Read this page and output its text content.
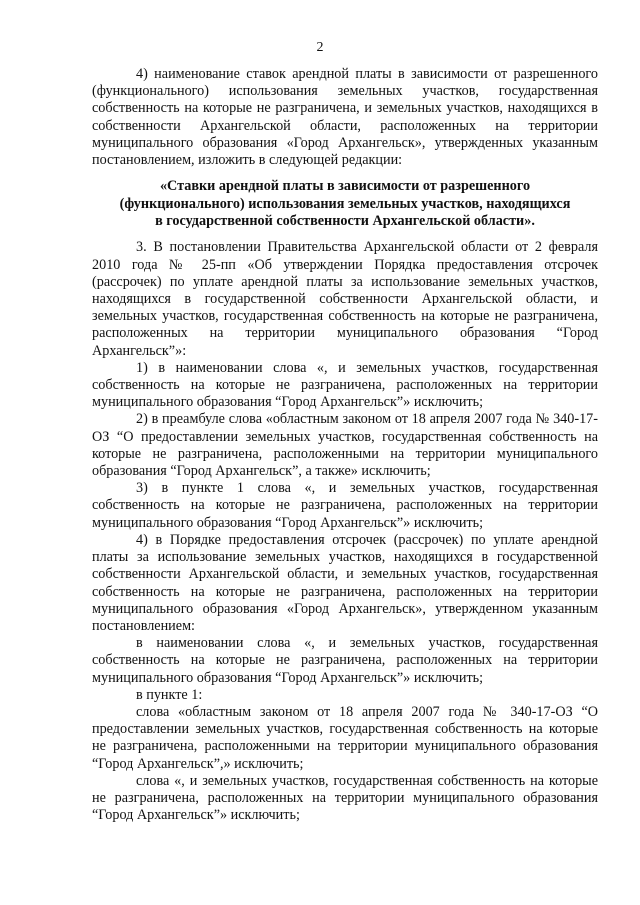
2

4) наименование ставок арендной платы в зависимости от разрешенного (функционального) использования земельных участков, государственная собственность на которые не разграничена, и земельных участков, находящихся в собственности Архангельской области, расположенных на территории муниципального образования «Город Архангельск», утвержденных указанным постановлением, изложить в следующей редакции:

«Ставки арендной платы в зависимости от разрешенного (функционального) использования земельных участков, находящихся в государственной собственности Архангельской области».

3. В постановлении Правительства Архангельской области от 2 февраля 2010 года № 25-пп «Об утверждении Порядка предоставления отсрочек (рассрочек) по уплате арендной платы за использование земельных участков, находящихся в государственной собственности Архангельской области, и земельных участков, государственная собственность на которые не разграничена, расположенных на территории муниципального образования “Город Архангельск”»:

1) в наименовании слова «, и земельных участков, государственная собственность на которые не разграничена, расположенных на территории муниципального образования “Город Архангельск”» исключить;

2) в преамбуле слова «областным законом от 18 апреля 2007 года № 340-17-ОЗ “О предоставлении земельных участков, государственная собственность на которые не разграничена, расположенными на территории муниципального образования “Город Архангельск”, а также» исключить;

3) в пункте 1 слова «, и земельных участков, государственная собственность на которые не разграничена, расположенных на территории муниципального образования “Город Архангельск”» исключить;

4) в Порядке предоставления отсрочек (рассрочек) по уплате арендной платы за использование земельных участков, находящихся в государственной собственности Архангельской области, и земельных участков, государственная собственность на которые не разграничена, расположенных на территории муниципального образования «Город Архангельск», утвержденном указанным постановлением:

в наименовании слова «, и земельных участков, государственная собственность на которые не разграничена, расположенных на территории муниципального образования “Город Архангельск”» исключить;

в пункте 1:

слова «областным законом от 18 апреля 2007 года № 340-17-ОЗ “О предоставлении земельных участков, государственная собственность на которые не разграничена, расположенными на территории муниципального образования “Город Архангельск”,» исключить;

слова «, и земельных участков, государственная собственность на которые не разграничена, расположенных на территории муниципального образования “Город Архангельск”» исключить;
